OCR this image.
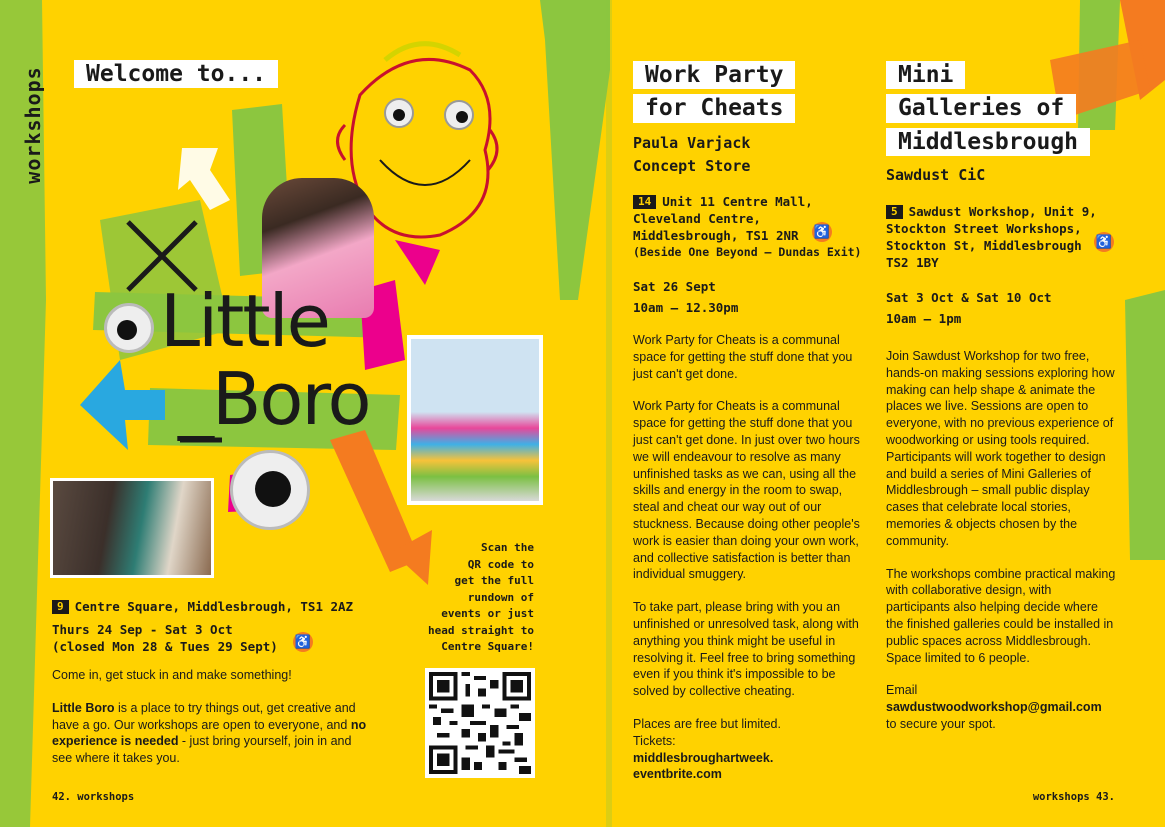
workshops	Welcome to...
Little
_Boro
9 Centre Square, Middlesbrough, TS1 2AZ
Thurs 24 Sep - Sat 3 Oct
(closed Mon 28 & Tues 29 Sept)	♿

Come in, get stuck in and make something!

Little Boro is a place to try things out, get creative and have a go. Our workshops are open to everyone, and no experience is needed - just bring yourself, join in and see where it takes you.

42. workshops
Scan the
QR code to
get the full
rundown of
events or just
head straight to
Centre Square!
Work Party
for Cheats
Paula Varjack
Concept Store
14 Unit 11 Centre Mall,
Cleveland Centre,
Middlesbrough, TS1 2NR
(Beside One Beyond – Dundas Exit)
♿
Sat 26 Sept
10am – 12.30pm

Work Party for Cheats is a communal space for getting the stuff done that you just can't get done.

Work Party for Cheats is a communal space for getting the stuff done that you just can't get done. In just over two hours we will endeavour to resolve as many unfinished tasks as we can, using all the skills and energy in the room to swap, steal and cheat our way out of our stuckness. Because doing other people's work is easier than doing your own work, and collective satisfaction is better than individual smuggery.

To take part, please bring with you an unfinished or unresolved task, along with anything you think might be useful in resolving it. Feel free to bring something even if you think it's impossible to be solved by collective cheating.

Places are free but limited.
Tickets:
middlesbroughartweek. eventbrite.com

Mini
Galleries of
Middlesbrough
Sawdust CiC
5 Sawdust Workshop, Unit 9,
Stockton Street Workshops,
Stockton St, Middlesbrough
TS2 1BY
♿
Sat 3 Oct & Sat 10 Oct
10am – 1pm

Join Sawdust Workshop for two free, hands-on making sessions exploring how making can help shape & animate the places we live. Sessions are open to everyone, with no previous experience of woodworking or using tools required. Participants will work together to design and build a series of Mini Galleries of Middlesbrough – small public display cases that celebrate local stories, memories & objects chosen by the community.

The workshops combine practical making with collaborative design, with participants also helping decide where the finished galleries could be installed in public spaces across Middlesbrough. Space limited to 6 people.

Email
sawdustwoodworkshop@gmail.com
to secure your spot.

workshops 43.
